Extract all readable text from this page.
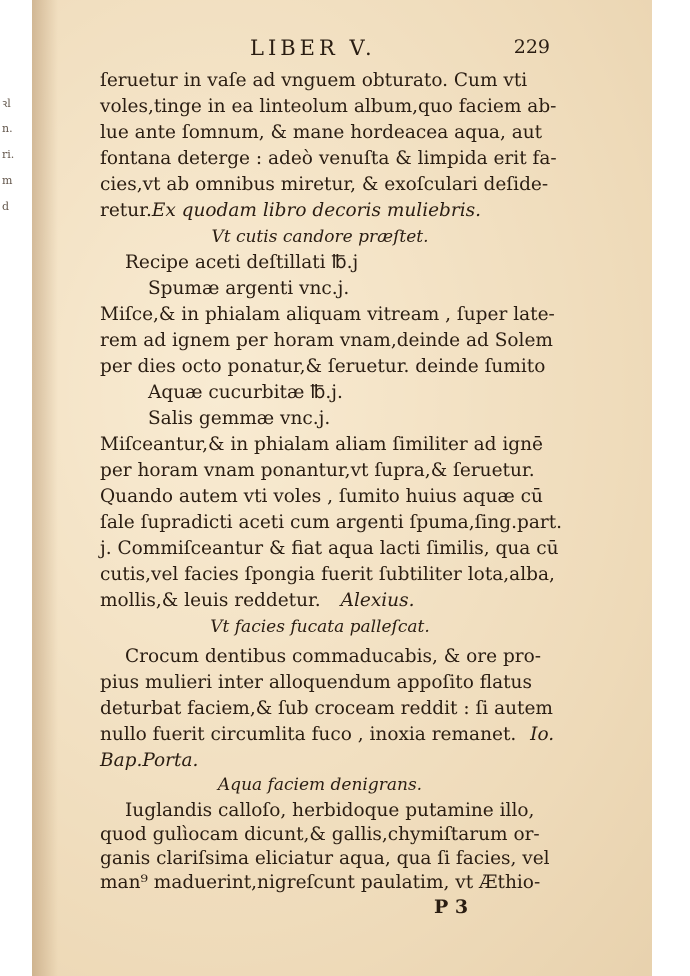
ꝛl
n.
ri.
m
d
LIBER V.	229
ſeruetur in vaſe ad vnguem obturato. Cum vti
voles,tinge in ea linteolum album,quo faciem ab-
lue ante ſomnum, & mane hordeacea aqua, aut
fontana deterge : adeò venuſta & limpida erit fa-
cies,vt ab omnibus miretur, & exoſculari deſide-
retur.Ex quodam libro decoris muliebris.
Vt cutis candore præſtet.
Recipe aceti deſtillati ℔.j
Spumæ argenti vnc.j.
Miſce,& in phialam aliquam vitream , ſuper late-
rem ad ignem per horam vnam,deinde ad Solem
per dies octo ponatur,& ſeruetur. deinde ſumito
Aquæ cucurbitæ ℔.j.
Salis gemmæ vnc.j.
Miſceantur,& in phialam aliam ſimiliter ad ignē
per horam vnam ponantur,vt ſupra,& ſeruetur.
Quando autem vti voles , ſumito huius aquæ cū
ſale ſupradicti aceti cum argenti ſpuma,ſing.part.
j. Commiſceantur & fiat aqua lacti ſimilis, qua cū
cutis,vel facies ſpongia fuerit ſubtiliter lota,alba,
mollis,& leuis reddetur. Alexius.
Vt facies fucata palleſcat.
Crocum dentibus commaducabis, & ore pro-
pius mulieri inter alloquendum appoſito flatus
deturbat faciem,& ſub croceam reddit : ſi autem
nullo fuerit circumlita fuco , inoxia remanet. Io.
Bap.Porta.
Aqua faciem denigrans.
Iuglandis calloſo, herbidoque putamine illo,
quod gulìocam dicunt,& gallis,chymiſtarum or-
ganis clariſsima eliciatur aqua, qua ſi facies, vel
man⁹ maduerint,nigreſcunt paulatim, vt Æthio-
P 3
